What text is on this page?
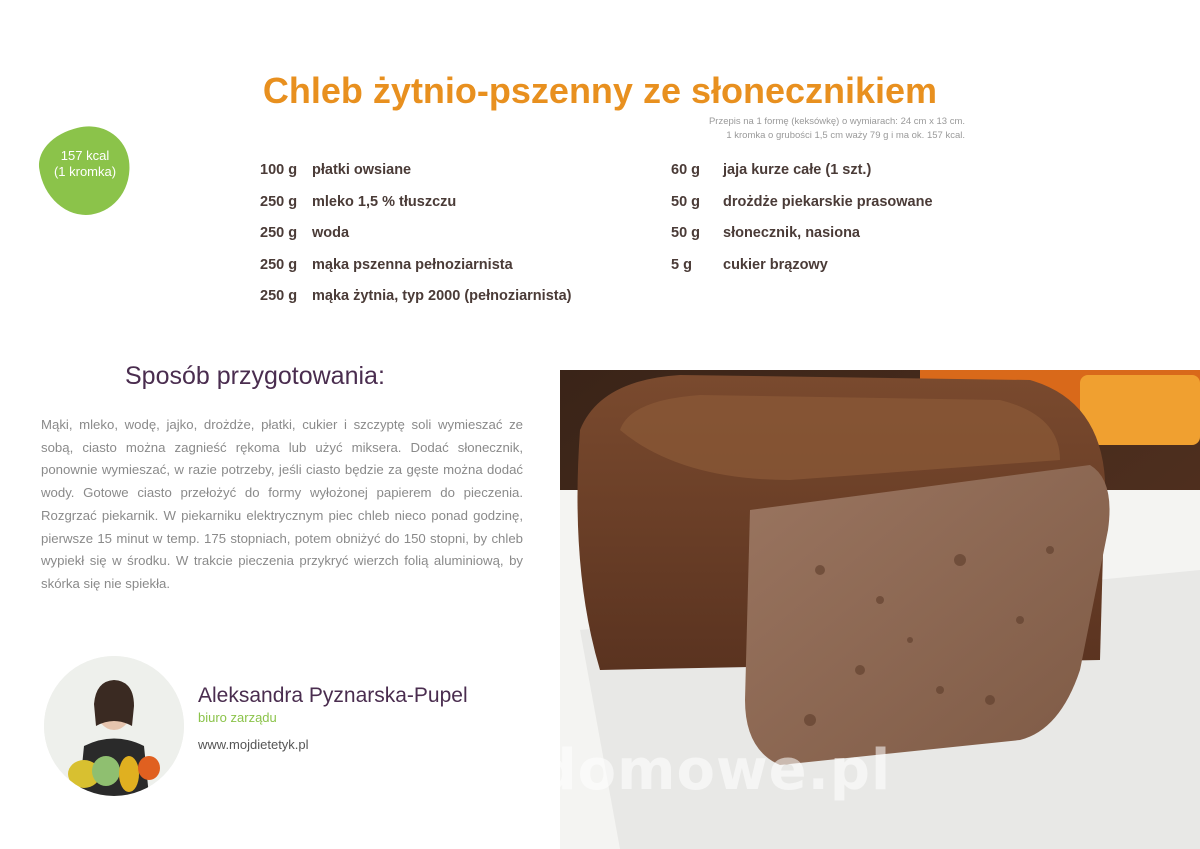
Chleb żytnio-pszenny ze słonecznikiem
Przepis na 1 formę (keksówkę) o wymiarach: 24 cm x 13 cm.
1 kromka o grubości 1,5 cm waży 79 g i ma ok. 157 kcal.
157 kcal
(1 kromka)	100 g	płatki owsiane
250 g	mleko 1,5 % tłuszczu
250 g	woda
250 g	mąka pszenna pełnoziarnista
250 g	mąka żytnia, typ 2000 (pełnoziarnista)
60 g	jaja kurze całe (1 szt.)
50 g	drożdże piekarskie prasowane
50 g	słonecznik, nasiona
5 g	cukier brązowy
Sposób przygotowania:
Mąki, mleko, wodę, jajko, drożdże, płatki, cukier i szczyptę soli wymieszać ze sobą, ciasto można zagnieść rękoma lub użyć miksera. Dodać słonecznik, ponownie wymieszać, w razie potrzeby, jeśli ciasto będzie za gęste można dodać wody. Gotowe ciasto przełożyć do formy wyłożonej papierem do pieczenia. Rozgrzać piekarnik. W piekarniku elektrycznym piec chleb nieco ponad godzinę, pierwsze 15 minut w temp. 175 stopniach, potem obniżyć do 150 stopni, by chleb wypiekł się w środku. W trakcie pieczenia przykryć wierzch folią aluminiową, by skórka się nie spiekła.
Aleksandra Pyznarska-Pupel
biuro zarządu
www.mojdietetyk.pl
wedlinydomowe.pl
